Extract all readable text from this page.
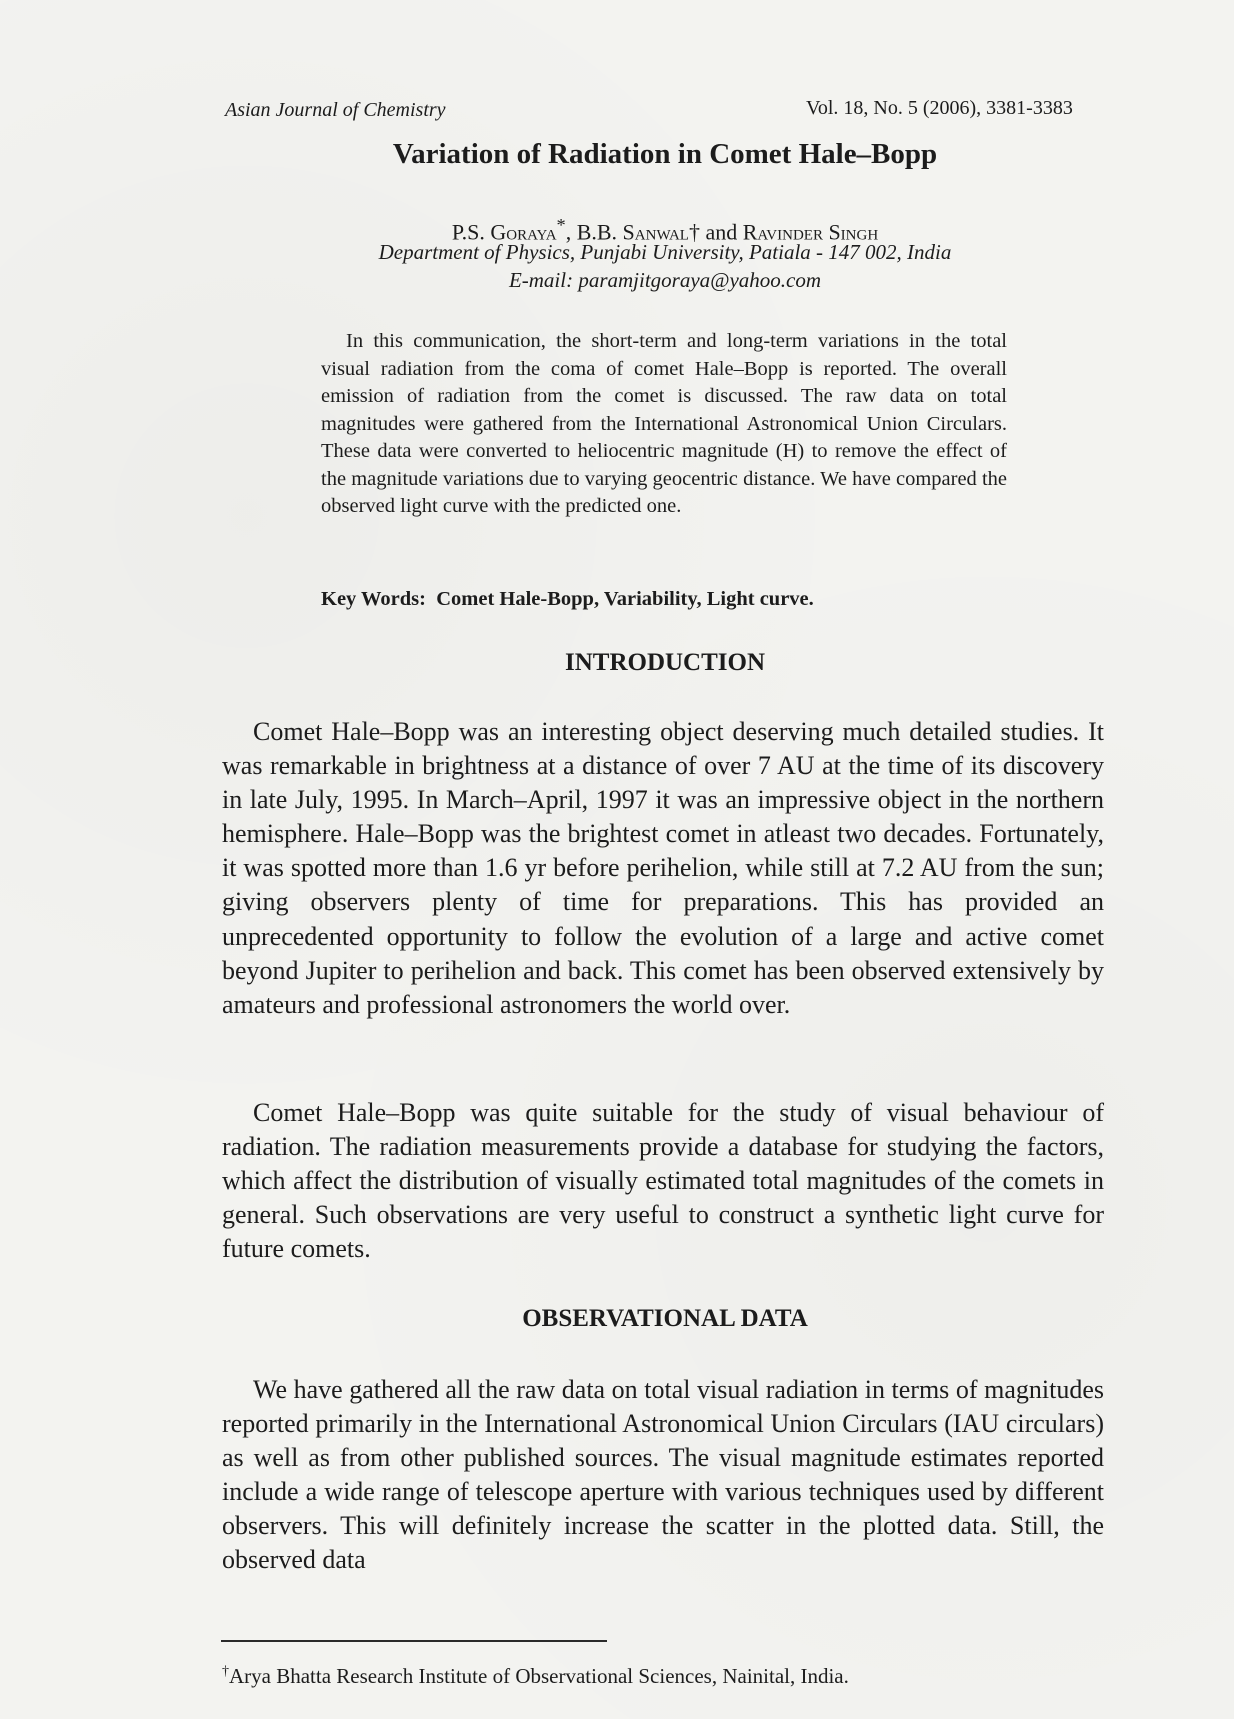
Asian Journal of Chemistry	Vol. 18, No. 5 (2006), 3381-3383
Variation of Radiation in Comet Hale–Bopp
P.S. Goraya*, B.B. Sanwal† and Ravinder Singh
Department of Physics, Punjabi University, Patiala - 147 002, India
E-mail: paramjitgoraya@yahoo.com

In this communication, the short-term and long-term variations in the total visual radiation from the coma of comet Hale–Bopp is reported. The overall emission of radiation from the comet is discussed. The raw data on total magnitudes were gathered from the International Astronomical Union Circulars. These data were converted to heliocentric magnitude (H) to remove the effect of the magnitude variations due to varying geocentric distance. We have compared the observed light curve with the predicted one.

Key Words: Comet Hale-Bopp, Variability, Light curve.
INTRODUCTION

Comet Hale–Bopp was an interesting object deserving much detailed studies. It was remarkable in brightness at a distance of over 7 AU at the time of its discovery in late July, 1995. In March–April, 1997 it was an impressive object in the northern hemisphere. Hale–Bopp was the brightest comet in atleast two decades. Fortunately, it was spotted more than 1.6 yr before perihelion, while still at 7.2 AU from the sun; giving observers plenty of time for preparations. This has provided an unprecedented opportunity to follow the evolution of a large and active comet beyond Jupiter to perihelion and back. This comet has been observed extensively by amateurs and professional astronomers the world over.

Comet Hale–Bopp was quite suitable for the study of visual behaviour of radiation. The radiation measurements provide a database for studying the factors, which affect the distribution of visually estimated total magnitudes of the comets in general. Such observations are very useful to construct a synthetic light curve for future comets.

OBSERVATIONAL DATA

We have gathered all the raw data on total visual radiation in terms of magnitudes reported primarily in the International Astronomical Union Circulars (IAU circulars) as well as from other published sources. The visual magnitude estimates reported include a wide range of telescope aperture with various techniques used by different observers. This will definitely increase the scatter in the plotted data. Still, the observed data

†Arya Bhatta Research Institute of Observational Sciences, Nainital, India.
